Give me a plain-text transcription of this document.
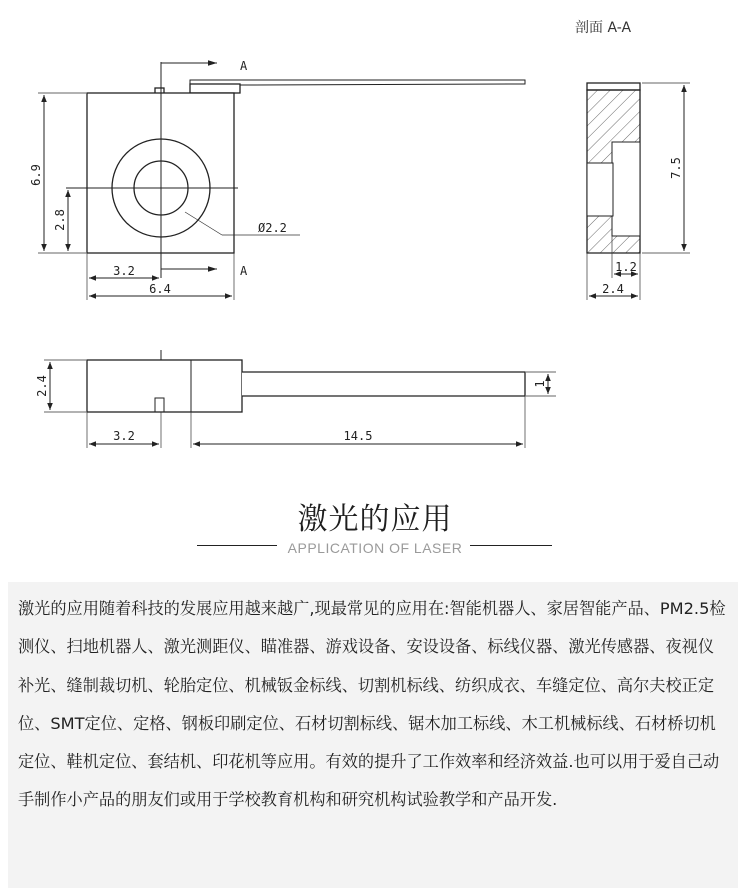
A
A
Ø2.2
6.9
2.8
3.2
6.4
剖面 A-A
7.5
1.2
2.4
2.4	1
3.2	14.5
激光的应用
APPLICATION OF LASER

激光的应用随着科技的发展应用越来越广,现最常见的应用在:智能机器人、家居智能产品、PM2.5检测仪、扫地机器人、激光测距仪、瞄准器、游戏设备、安设设备、标线仪器、激光传感器、夜视仪补光、缝制裁切机、轮胎定位、机械钣金标线、切割机标线、纺织成衣、车缝定位、高尔夫校正定位、SMT定位、定格、钢板印刷定位、石材切割标线、锯木加工标线、木工机械标线、石材桥切机定位、鞋机定位、套结机、印花机等应用。有效的提升了工作效率和经济效益.也可以用于爱自己动手制作小产品的朋友们或用于学校教育机构和研究机构试验教学和产品开发.
